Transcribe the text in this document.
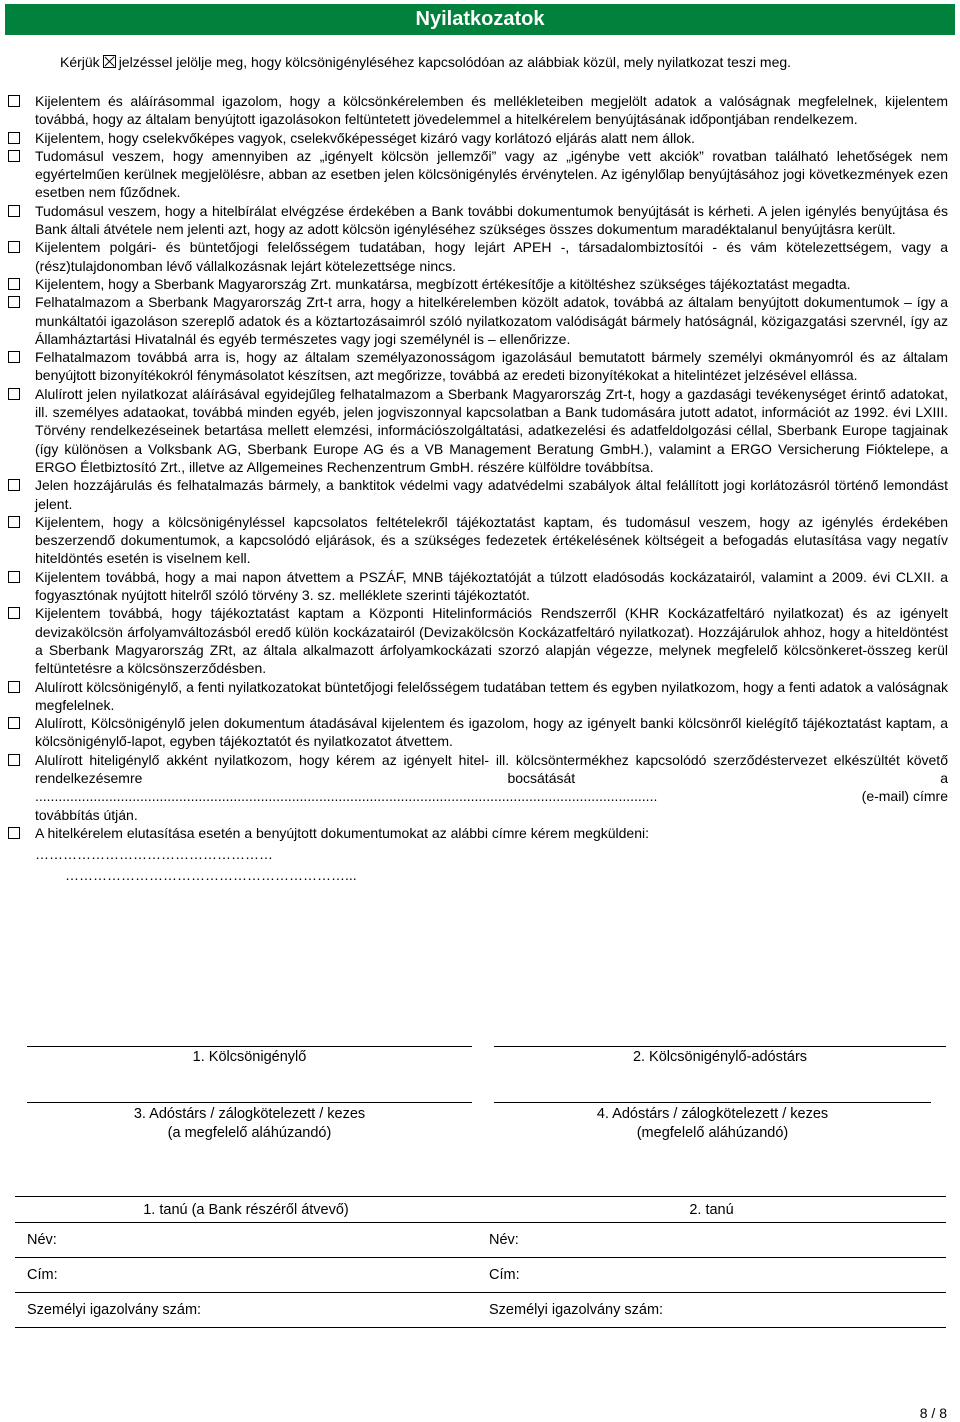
Nyilatkozatok
Kérjük jelzéssel jelölje meg, hogy kölcsönigényléséhez kapcsolódóan az alábbiak közül, mely nyilatkozat teszi meg.
Kijelentem és aláírásommal igazolom, hogy a kölcsönkérelemben és mellékleteiben megjelölt adatok a valóságnak megfelelnek, kijelentem továbbá, hogy az általam benyújtott igazolásokon feltüntetett jövedelemmel a hitelkérelem benyújtásának időpontjában rendelkezem.
Kijelentem, hogy cselekvőképes vagyok, cselekvőképességet kizáró vagy korlátozó eljárás alatt nem állok.
Tudomásul veszem, hogy amennyiben az „igényelt kölcsön jellemzői” vagy az „igénybe vett akciók” rovatban található lehetőségek nem egyértelműen kerülnek megjelölésre, abban az esetben jelen kölcsönigénylés érvénytelen. Az igénylőlap benyújtásához jogi következmények ezen esetben nem fűződnek.
Tudomásul veszem, hogy a hitelbírálat elvégzése érdekében a Bank további dokumentumok benyújtását is kérheti. A jelen igénylés benyújtása és Bank általi átvétele nem jelenti azt, hogy az adott kölcsön igényléséhez szükséges összes dokumentum maradéktalanul benyújtásra került.
Kijelentem polgári- és büntetőjogi felelősségem tudatában, hogy lejárt APEH -, társadalombiztosítói - és vám kötelezettségem, vagy a (rész)tulajdonomban lévő vállalkozásnak lejárt kötelezettsége nincs.
Kijelentem, hogy a Sberbank Magyarország Zrt. munkatársa, megbízott értékesítője a kitöltéshez szükséges tájékoztatást megadta.
Felhatalmazom a Sberbank Magyarország Zrt-t arra, hogy a hitelkérelemben közölt adatok, továbbá az általam benyújtott dokumentumok – így a munkáltatói igazoláson szereplő adatok és a köztartozásaimról szóló nyilatkozatom valódiságát bármely hatóságnál, közigazgatási szervnél, így az Államháztartási Hivatalnál és egyéb természetes vagy jogi személynél is – ellenőrizze.
Felhatalmazom továbbá arra is, hogy az általam személyazonosságom igazolásául bemutatott bármely személyi okmányomról és az általam benyújtott bizonyítékokról fénymásolatot készítsen, azt megőrizze, továbbá az eredeti bizonyítékokat a hitelintézet jelzésével ellássa.
Alulírott jelen nyilatkozat aláírásával egyidejűleg felhatalmazom a Sberbank Magyarország Zrt-t, hogy a gazdasági tevékenységet érintő adatokat, ill. személyes adataokat, továbbá minden egyéb, jelen jogviszonnyal kapcsolatban a Bank tudomására jutott adatot, információt az 1992. évi LXIII. Törvény rendelkezéseinek betartása mellett elemzési, információszolgáltatási, adatkezelési és adatfeldolgozási céllal, Sberbank Europe tagjainak (így különösen a Volksbank AG, Sberbank Europe AG és a VB Management Beratung GmbH.), valamint a ERGO Versicherung Fióktelepe, a ERGO Életbiztosító Zrt., illetve az Allgemeines Rechenzentrum GmbH. részére külföldre továbbítsa.
Jelen hozzájárulás és felhatalmazás bármely, a banktitok védelmi vagy adatvédelmi szabályok által felállított jogi korlátozásról történő lemondást jelent.
Kijelentem, hogy a kölcsönigényléssel kapcsolatos feltételekről tájékoztatást kaptam, és tudomásul veszem, hogy az igénylés érdekében beszerzendő dokumentumok, a kapcsolódó eljárások, és a szükséges fedezetek értékelésének költségeit a befogadás elutasítása vagy negatív hiteldöntés esetén is viselnem kell.
Kijelentem továbbá, hogy a mai napon átvettem a PSZÁF, MNB tájékoztatóját a túlzott eladósodás kockázatairól, valamint a 2009. évi CLXII. a fogyasztónak nyújtott hitelről szóló törvény 3. sz. melléklete szerinti tájékoztatót.
Kijelentem továbbá, hogy tájékoztatást kaptam a Központi Hitelinformációs Rendszerről (KHR Kockázatfeltáró nyilatkozat) és az igényelt devizakölcsön árfolyamváltozásból eredő külön kockázatairól (Devizakölcsön Kockázatfeltáró nyilatkozat). Hozzájárulok ahhoz, hogy a hiteldöntést a Sberbank Magyarország ZRt, az általa alkalmazott árfolyamkockázati szorzó alapján végezze, melynek megfelelő kölcsönkeret-összeg kerül feltüntetésre a kölcsönszerződésben.
Alulírott kölcsönigénylő, a fenti nyilatkozatokat büntetőjogi felelősségem tudatában tettem és egyben nyilatkozom, hogy a fenti adatok a valóságnak megfelelnek.
Alulírott, Kölcsönigénylő jelen dokumentum átadásával kijelentem és igazolom, hogy az igényelt banki kölcsönről kielégítő tájékoztatást kaptam, a kölcsönigénylő-lapot, egyben tájékoztatót és nyilatkozatot átvettem.
Alulírott hiteligénylő akként nyilatkozom, hogy kérem az igényelt hitel- ill. kölcsöntermékhez kapcsolódó szerződéstervezet elkészültét követő rendelkezésemre bocsátását a
................................................................................................................................................................	(e-mail) címre
továbbítás útján.
A hitelkérelem elutasítása esetén a benyújtott dokumentumokat az alábbi címre kérem megküldeni:
……………………………………………
……………………………………………………...
1. Kölcsönigénylő	2. Kölcsönigénylő-adóstárs
3. Adóstárs / zálogkötelezett / kezes
(a megfelelő aláhúzandó)
4. Adóstárs / zálogkötelezett / kezes
(megfelelő aláhúzandó)
1. tanú (a Bank részéről átvevő)	2. tanú
Név:	Név:
Cím:	Cím:
Személyi igazolvány szám:	Személyi igazolvány szám:
8 / 8
